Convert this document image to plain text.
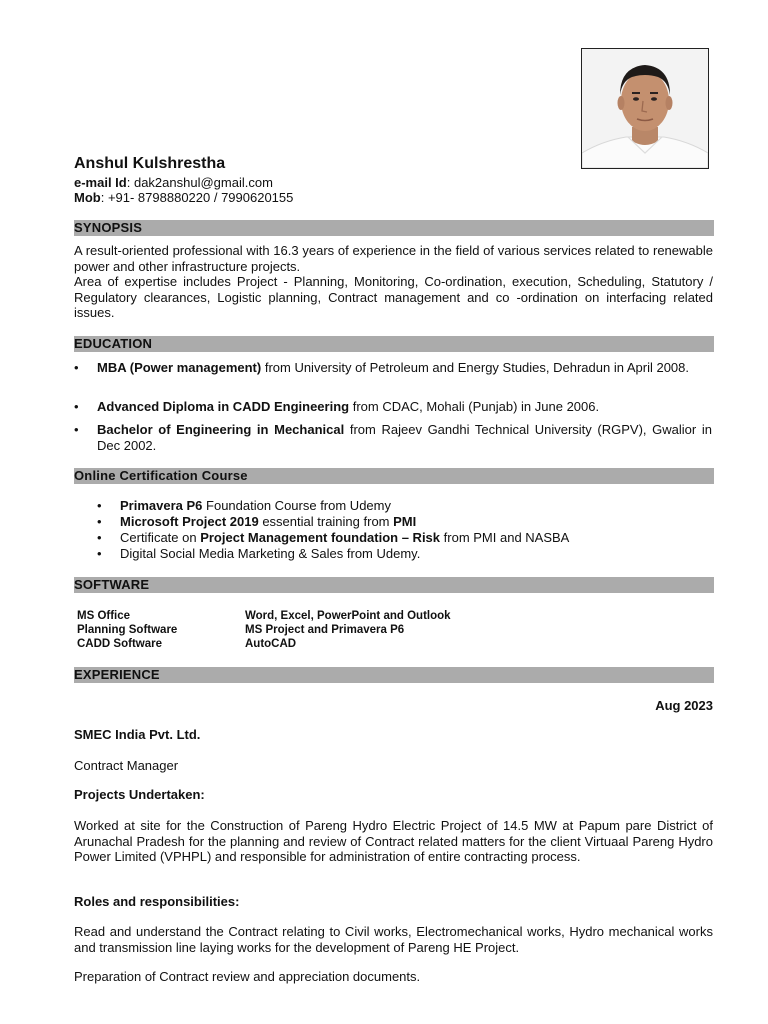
Anshul Kulshrestha
e-mail Id: dak2anshul@gmail.com
Mob: +91- 8798880220 / 7990620155
SYNOPSIS
A result-oriented professional with 16.3 years of experience in the field of various services related to renewable power and other infrastructure projects.
Area of expertise includes Project - Planning, Monitoring, Co-ordination, execution, Scheduling, Statutory / Regulatory clearances, Logistic planning, Contract management and co -ordination on interfacing related issues.
EDUCATION
• MBA (Power management) from University of Petroleum and Energy Studies, Dehradun in April 2008.
• Advanced Diploma in CADD Engineering from CDAC, Mohali (Punjab) in June 2006.
• Bachelor of Engineering in Mechanical from Rajeev Gandhi Technical University (RGPV), Gwalior in Dec 2002.
Online Certification Course
• Primavera P6 Foundation Course from Udemy
• Microsoft Project 2019 essential training from PMI
• Certificate on Project Management foundation – Risk from PMI and NASBA
• Digital Social Media Marketing & Sales from Udemy.
SOFTWARE
MS Office	Word, Excel, PowerPoint and Outlook
Planning Software	MS Project and Primavera P6
CADD Software	AutoCAD
EXPERIENCE
Aug 2023
SMEC India Pvt. Ltd.
Contract Manager
Projects Undertaken:
Worked at site for the Construction of Pareng Hydro Electric Project of 14.5 MW at Papum pare District of Arunachal Pradesh for the planning and review of Contract related matters for the client Virtuaal Pareng Hydro Power Limited (VPHPL) and responsible for administration of entire contracting process.
Roles and responsibilities:
Read and understand the Contract relating to Civil works, Electromechanical works, Hydro mechanical works and transmission line laying works for the development of Pareng HE Project.
Preparation of Contract review and appreciation documents.
